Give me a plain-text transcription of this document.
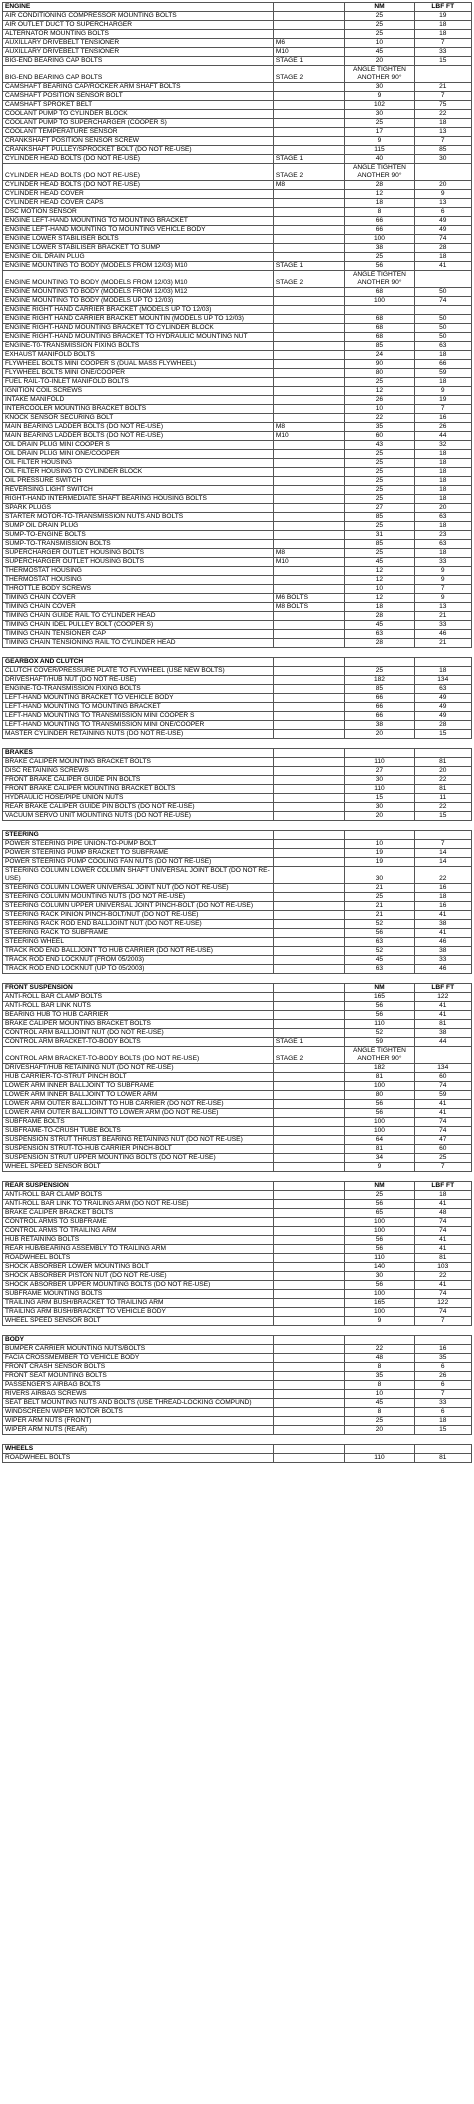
ENGINE		NM	LBF FT
AIR CONDITIONING COMPRESSOR MOUNTING BOLTS		25	19
AIR OUTLET DUCT TO SUPERCHARGER		25	18
ALTERNATOR MOUNTING BOLTS		25	18
AUXILLARY DRIVEBELT TENSIONER	M6	10	7
AUXILLARY DRIVEBELT TENSIONER	M10	45	33
BIG-END BEARING CAP BOLTS	STAGE 1	20	15
BIG-END BEARING CAP BOLTS	STAGE 2	ANGLE TIGHTEN ANOTHER 90°	
CAMSHAFT BEARING CAP/ROCKER ARM SHAFT BOLTS		30	21
CAMSHAFT POSITION SENSOR BOLT		9	7
CAMSHAFT SPROKET BELT		102	75
COOLANT PUMP TO CYLINDER BLOCK		30	22
COOLANT PUMP TO SUPERCHARGER (COOPER S)		25	18
COOLANT TEMPERATURE SENSOR		17	13
CRANKSHAFT POSITION SENSOR SCREW		9	7
CRANKSHAFT PULLEY/SPROCKET BOLT (DO NOT RE-USE)		115	85
CYLINDER HEAD BOLTS (DO NOT RE-USE)	STAGE 1	40	30
CYLINDER HEAD BOLTS (DO NOT RE-USE)	STAGE 2	ANGLE TIGHTEN ANOTHER 90°	
CYLINDER HEAD BOLTS (DO NOT RE-USE)	M8	28	20
CYLINDER HEAD COVER		12	9
CYLINDER HEAD COVER CAPS		18	13
DSC MOTION SENSOR		8	6
ENGINE LEFT-HAND MOUNTING TO MOUNTING BRACKET		66	49
ENGINE LEFT-HAND MOUNTING TO MOUNTING VEHICLE BODY		66	49
ENGINE LOWER STABILISER BOLTS		100	74
ENGINE LOWER STABILISER BRACKET TO SUMP		38	28
ENGINE OIL DRAIN PLUG		25	18
ENGINE MOUNTING TO BODY (MODELS FROM 12/03) M10	STAGE 1	56	41
ENGINE MOUNTING TO BODY (MODELS FROM 12/03) M10	STAGE 2	ANGLE TIGHTEN ANOTHER 90°	
ENGINE MOUNTING TO BODY (MODELS FROM 12/03) M12		68	50
ENGINE MOUNTING TO BODY (MODELS UP TO 12/03)		100	74
ENGINE RIGHT HAND CARRIER BRACKET (MODELS UP TO 12/03)			
ENGINE RIGHT HAND CARRIER BRACKET MOUNTIN (MODELS UP TO 12/03)		68	50
ENGINE RIGHT-HAND MOUNTING BRACKET TO CYLINDER BLOCK		68	50
ENGINE RIGHT-HAND MOUNTING BRACKET TO HYDRAULIC MOUNTING NUT		68	50
ENGINE-T0-TRANSMISSION FIXING BOLTS		85	63
EXHAUST MANIFOLD BOLTS		24	18
FLYWHEEL BOLTS MINI COOPER S (DUAL MASS FLYWHEEL)		90	66
FLYWHEEL BOLTS MINI ONE/COOPER		80	59
FUEL RAIL-TO-INLET MANIFOLD BOLTS		25	18
IGNITION COIL SCREWS		12	9
INTAKE MANIFOLD		26	19
INTERCOOLER MOUNTING BRACKET BOLTS		10	7
KNOCK SENSOR SECURING BOLT		22	16
MAIN BEARING LADDER BOLTS (DO NOT RE-USE)	M8	35	26
MAIN BEARING LADDER BOLTS (DO NOT RE-USE)	M10	60	44
OIL DRAIN PLUG MINI COOPER S		43	32
OIL DRAIN PLUG MINI ONE/COOPER		25	18
OIL FILTER HOUSING		25	18
OIL FILTER HOUSING TO CYLINDER BLOCK		25	18
OIL PRESSURE SWITCH		25	18
REVERSING LIGHT SWITCH		25	18
RIGHT-HAND INTERMEDIATE SHAFT BEARING HOUSING BOLTS		25	18
SPARK PLUGS		27	20
STARTER MOTOR-TO-TRANSMISSION NUTS AND BOLTS		85	63
SUMP OIL DRAIN PLUG		25	18
SUMP-TO-ENGINE BOLTS		31	23
SUMP-TO-TRANSMISSION BOLTS		85	63
SUPERCHARGER OUTLET HOUSING BOLTS	M8	25	18
SUPERCHARGER OUTLET HOUSING BOLTS	M10	45	33
THERMOSTAT HOUSING		12	9
THERMOSTAT HOUSING		12	9
THROTTLE BODY SCREWS		10	7
TIMING CHAIN COVER	M6 BOLTS	12	9
TIMING CHAIN COVER	M8 BOLTS	18	13
TIMING CHAIN GUIDE RAIL TO CYLINDER HEAD		28	21
TIMING CHAIN IDEL PULLEY BOLT (COOPER S)		45	33
TIMING CHAIN TENSIONER CAP		63	46
TIMING CHAIN TENSIONING RAIL TO CYLINDER HEAD		28	21

GEARBOX AND CLUTCH			
CLUTCH COVER/PRESSURE PLATE TO FLYWHEEL (USE NEW BOLTS)		25	18
DRIVESHAFT/HUB NUT (DO NOT RE-USE)		182	134
ENGINE-TO-TRANSMISSION FIXING BOLTS		85	63
LEFT-HAND MOUNTING BRACKET TO VEHICLE BODY		66	49
LEFT-HAND MOUNTING TO MOUNTING BRACKET		66	49
LEFT-HAND MOUNTING TO TRANSMISSION MINI COOPER S		66	49
LEFT-HAND MOUNTING TO TRANSMISSION MINI ONE/COOPER		38	28
MASTER CYLINDER RETAINING NUTS (DO NOT RE-USE)		20	15

BRAKES			
BRAKE CALIPER MOUNTING BRACKET BOLTS		110	81
DISC RETAINING SCREWS		27	20
FRONT BRAKE CALIPER GUIDE PIN BOLTS		30	22
FRONT BRAKE CALIPER MOUNTING BRACKET BOLTS		110	81
HYDRAULIC HOSE/PIPE UNION NUTS		15	11
REAR BRAKE CALIPER GUIDE PIN BOLTS (DO NOT RE-USE)		30	22
VACUUM SERVO UNIT MOUNTING NUTS (DO NOT RE-USE)		20	15

STEERING			
POWER STEERING PIPE UNION-TO-PUMP BOLT		10	7
POWER STEERING PUMP BRACKET TO SUBFRAME		19	14
POWER STEERING PUMP COOLING FAN NUTS (DO NOT RE-USE)		19	14
STEERING COLUMN LOWER COLUMN SHAFT UNIVERSAL JOINT BOLT (DO NOT RE-USE)		30	22
STEERING COLUMN LOWER UNIVERSAL JOINT NUT (DO NOT RE-USE)		21	16
STEERING COLUMN MOUNTING NUTS (DO NOT RE-USE)		25	18
STEERING COLUMN UPPER UNIVERSAL JOINT PINCH-BOLT (DO NOT RE-USE)		21	16
STEERING RACK PINION PINCH-BOLT/NUT (DO NOT RE-USE)		21	41
STEERING RACK ROD END BALLJOINT NUT (DO NOT RE-USE)		52	38
STEERING RACK TO SUBFRAME		56	41
STEERING WHEEL		63	46
TRACK ROD END BALLJOINT TO HUB CARRIER (DO NOT RE-USE)		52	38
TRACK ROD END LOCKNUT (FROM 05/2003)		45	33
TRACK ROD END LOCKNUT (UP TO 05/2003)		63	46

FRONT SUSPENSION		NM	LBF FT
ANTI-ROLL BAR CLAMP BOLTS		165	122
ANTI-ROLL BAR LINK NUTS		56	41
BEARING HUB TO HUB CARRIER		56	41
BRAKE CALIPER MOUNTING BRACKET BOLTS		110	81
CONTROL ARM BALLJOINT NUT (DO NOT RE-USE)		52	38
CONTROL ARM BRACKET-TO-BODY BOLTS	STAGE 1	59	44
CONTROL ARM BRACKET-TO-BODY BOLTS (DO NOT RE-USE)	STAGE 2	ANGLE TIGHTEN ANOTHER 90°	
DRIVESHAFT/HUB RETAINING NUT (DO NOT RE-USE)		182	134
HUB CARRIER-TO-STRUT PINCH BOLT		81	60
LOWER ARM INNER BALLJOINT TO SUBFRAME		100	74
LOWER ARM INNER BALLJOINT TO LOWER ARM		80	59
LOWER ARM OUTER BALLJOINT TO HUB CARRIER (DO NOT RE-USE)		56	41
LOWER ARM OUTER BALLJOINT TO LOWER ARM (DO NOT RE-USE)		56	41
SUBFRAME BOLTS		100	74
SUBFRAME-TO-CRUSH TUBE BOLTS		100	74
SUSPENSION STRUT THRUST BEARING RETAINING NUT (DO NOT RE-USE)		64	47
SUSPENSION STRUT-TO-HUB CARRIER PINCH-BOLT		81	60
SUSPENSION STRUT UPPER MOUNTING BOLTS (DO NOT RE-USE)		34	25
WHEEL SPEED SENSOR BOLT		9	7

REAR SUSPENSION		NM	LBF FT
ANTI-ROLL BAR CLAMP BOLTS		25	18
ANTI-ROLL BAR LINK TO TRAILING ARM (DO NOT RE-USE)		56	41
BRAKE CALIPER BRACKET BOLTS		65	48
CONTROL ARMS TO SUBFRAME		100	74
CONTROL ARMS TO TRAILING ARM		100	74
HUB RETAINING BOLTS		56	41
REAR HUB/BEARING ASSEMBLY TO TRAILING ARM		56	41
ROADWHEEL BOLTS		110	81
SHOCK ABSORBER LOWER MOUNTING BOLT		140	103
SHOCK ABSORBER PISTON NUT (DO NOT RE-USE)		30	22
SHOCK ABSORBER UPPER MOUNTING BOLTS (DO NOT RE-USE)		56	41
SUBFRAME MOUNTING BOLTS		100	74
TRAILING ARM BUSH/BRACKET TO TRAILING ARM		165	122
TRAILING ARM BUSH/BRACKET TO VEHICLE BODY		100	74
WHEEL SPEED SENSOR BOLT		9	7

BODY			
BUMPER CARRIER MOUNTING NUTS/BOLTS		22	16
FACIA CROSSMEMBER TO VEHICLE BODY		48	35
FRONT CRASH SENSOR BOLTS		8	6
FRONT SEAT MOUNTING BOLTS		35	26
PASSENGER'S AIRBAG BOLTS		8	6
RIVERS AIRBAG SCREWS		10	7
SEAT BELT MOUNTING NUTS AND BOLTS (USE THREAD-LOCKING COMPUND)		45	33
WINDSCREEN WIPER MOTOR BOLTS		8	6
WIPER ARM NUTS (FRONT)		25	18
WIPER ARM NUTS (REAR)		20	15

WHEELS			
ROADWHEEL BOLTS		110	81
